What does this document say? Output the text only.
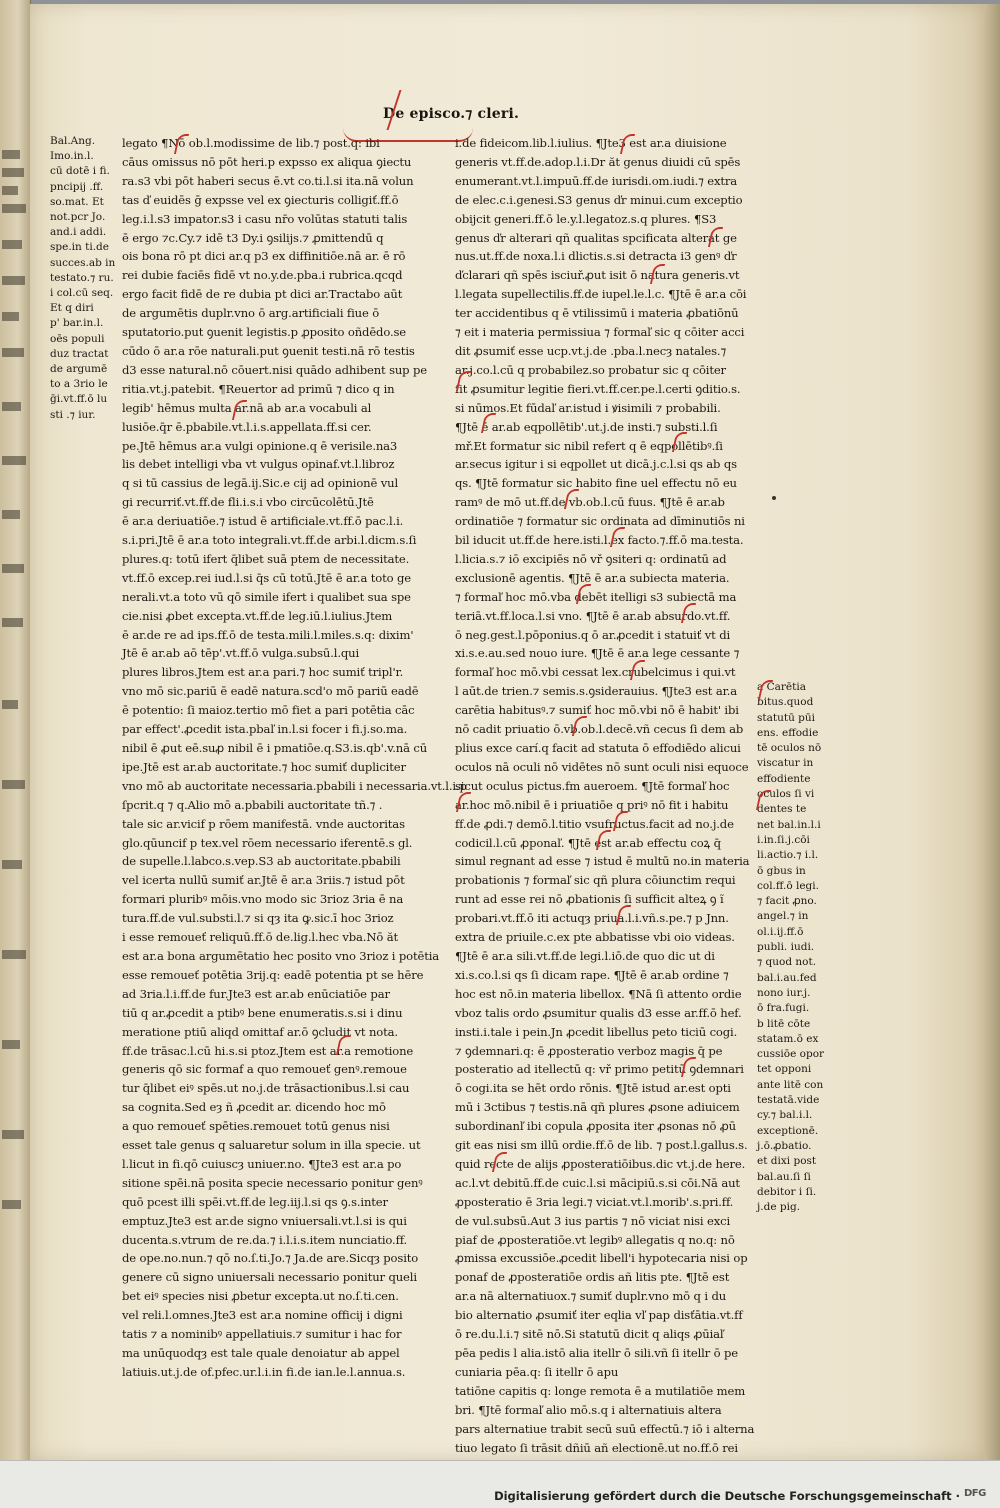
De episco.⁊ cleri.
Bal.Ang.
Imo.in.l.
cū dotē i fi.
pncipij .ff.
so.mat. Et
not.pcr Jo.
and.i addi.
spe.in ti.de
succes.ab in
testato.⁊ ru.
i col.cū seq.
Et q diri
p' bar.in.l.
oēs populi
duz tractat
de argumē
to a 3rio le
ḡi.vt.ff.ō lu
sti .⁊ iur.
legato ¶Nō ob.l.modissime de lib.⁊ post.q: ibi
cāus omissus nō pōt heri.p expsso ex aliqua ꝯiectu
ra.s3 vbi pōt haberi secus ē.vt co.ti.l.si ita.nā volun
tas ď euidēs ḡ expsse vel ex ꝯiecturis colligiť.ff.ō
leg.i.l.s3 impator.s3 i casu nr̄o volūtas statuti talis
ē ergo ⁊c.Cy.⁊ idē t3 Dy.i ꝯsilijs.⁊ ꝓmittendū q
ois bona rō pt dici ar.q p3 ex diffinitiōe.nā ar. ē rō
rei dubie faciēs fidē vt no.y.de.pba.i rubrica.qcqd
ergo facit fidē de re dubia pt dici ar.Tractabo aūt
de argumētis duplr.vno ō arg.artificiali fiue ō
sputatorio.put ꝯuenit legistis.p ꝓposito oñdēdo.se
cūdo ō ar.a rōe naturali.put ꝯuenit testi.nā rō testis
d3 esse natural.nō cōuert.nisi quādo adhibent sup pe
ritia.vt.j.patebit. ¶Reuertor ad primū ⁊ dico q in
legib' hēmus multa ar.nā ab ar.a vocabuli al
lusiōe.q̄r ē.pbabile.vt.l.i.s.appellata.ff.si cer.
pe.Jtē hēmus ar.a vulgi opinione.q ē verisile.na3
lis debet intelligi vba vt vulgus opinaf.vt.l.libroz
q si tū cassius de legā.ij.Sic.e cij ad opinionē vul
gi recurriť.vt.ff.de fli.i.s.i vbo circūcolētū.Jtē
ē ar.a deriuatiōe.⁊ istud ē artificiale.vt.ff.ō pac.l.i.
s.i.pri.Jtē ē ar.a toto integrali.vt.ff.de arbi.l.dicm.s.ſi
plures.q: totū ifert q̄libet suā ptem de necessitate.
vt.ff.ō excep.rei iud.l.si q̄s cū totū.Jtē ē ar.a toto ge
nerali.vt.a toto vū qō simile ifert i qualibet sua spe
cie.nisi ꝓbet excepta.vt.ff.de leg.iū.l.iulius.Jtem
ē ar.de re ad ips.ff.ō de testa.mili.l.miles.s.q: dixim'
Jtē ē ar.ab aō tēp'.vt.ff.ō vulga.subsū.l.qui
plures libros.Jtem est ar.a pari.⁊ hoc sumiť tripl'r.
vno mō sic.pariū ē eadē natura.scd'o mō pariū eadē
ē potentio: ſi maioz.tertio mō fiet a pari potētia cāc
par effect'.ꝓcedit ista.pbaľ in.l.si focer i fi.j.so.ma.
nibil ē ꝓut eē.suꝓ nibil ē i pmatiōe.q.S3.is.qb'.v.nā cū
ipe.Jtē est ar.ab auctoritate.⁊ hoc sumiť dupliciter
vno mō ab auctoritate necessaria.pbabili i necessaria.vt.l.i.p
ſpcrit.q ⁊ q.Alio mō a.pbabili auctoritate tñ.⁊ .
tale sic ar.vicif p rōem manifestā. vnde auctoritas
glo.qūuncif p tex.vel rōem necessario iferentē.s gl.
de supelle.l.labco.s.vep.S3 ab auctoritate.pbabili
vel icerta nullū sumiť ar.Jtē ē ar.a 3riis.⁊ istud pōt
formari pluribꝰ mōis.vno modo sic 3rioz 3ria ē na
tura.ff.de vul.substi.l.⁊ si qȝ ita ꝙ.sic.ī hoc 3rioz
i esse remoueť reliquū.ff.ō de.lig.l.hec vba.Nō ăt
est ar.a bona argumētatio hec posito vno 3rioz i potētia
esse remoueť potētia 3rij.q: eadē potentia pt se hēre
ad 3ria.l.i.ff.de fur.Jte3 est ar.ab enūciatiōe par
tiū q ar.ꝓcedit a ptibꝰ bene enumeratis.s.si i dinu
meratione ptiū aliqd omittaf ar.ō ꝯcludit vt nota.
ff.de trāsac.l.cū hi.s.si ptoz.Jtem est ar.a remotione
generis qō sic formaf a quo remoueť genꝰ.remoue
tur q̄libet eiꝰ spēs.ut no.j.de trāsactionibus.l.si cau
sa cognita.Sed eȝ ñ ꝓcedit ar. dicendo hoc mō
a quo remoueť spēties.remouet totū genus nisi
esset tale genus q saluaretur solum in illa specie. ut
l.licut in fi.qō cuiuscȝ uniuer.no. ¶Jte3 est ar.a po
sitione spēi.nā posita specie necessario ponitur genꝰ
quō pcest illi spēi.vt.ff.de leg.iij.l.si qs ꝯ.s.inter
emptuz.Jte3 est ar.de signo vniuersali.vt.l.si is qui
ducenta.s.vtrum de re.da.⁊ i.l.i.s.item nunciatio.ff.
de ope.no.nun.⁊ qō no.ſ.ti.Jo.⁊ Ja.de are.Sicqȝ posito
genere cū signo uniuersali necessario ponitur queli
bet eiꝰ species nisi ꝓbetur excepta.ut no.ſ.ti.cen.
vel reli.l.omnes.Jte3 est ar.a nomine officij i digni
tatis ⁊ a nominibꝰ appellatiuis.⁊ sumitur i hac for
ma unūquodqȝ est tale quale denoiatur ab appel
latiuis.ut.j.de of.pfec.ur.l.i.in fi.de ian.le.l.annua.s.
i.de fideicom.lib.l.iulius. ¶Jte3 est ar.a diuisione
generis vt.ff.de.adop.l.i.Dr ăt genus diuidi cū spēs
enumerant.vt.l.impuū.ff.de iurisdi.om.iudi.⁊ extra
de elec.c.i.genesi.S3 genus ďr minui.cum exceptio
obijcit generi.ff.ō le.y.l.legatoz.s.q plures. ¶S3
genus ďr alterari qñ qualitas spcificata alterat ge
nus.ut.ff.de noxa.l.i dlictis.s.si detracta i3 genꝰ ďr
ďclarari qñ spēs isciuř.ꝓut isit ō natura generis.vt
l.legata supellectilis.ff.de iupel.le.l.c. ¶Jtē ē ar.a cōi
ter accidentibus q ē vtilissimū i materia ꝓbatiōnū
⁊ eit i materia permissiua ⁊ formaľ sic q cōiter acci
dit ꝓsumiť esse ucp.vt.j.de .pba.l.necȝ natales.⁊
ar.j.co.l.cū q probabilez.so probatur sic q cōiter
fit ꝓsumitur legitie fieri.vt.ff.cer.pe.l.certi ꝯditio.s.
si nūmos.Et fūdaľ ar.istud i ꝟisimili ⁊ probabili.
¶Jtē ē ar.ab eqpollētib'.ut.j.de insti.⁊ substi.l.ſi
mř.Et formatur sic nibil refert q ē eqpollētibꝰ.ſi
ar.secus igitur i si eqpollet ut dicā.j.c.l.si qs ab qs
qs. ¶Jtē formatur sic habito fine uel effectu nō eu
ramꝰ de mō ut.ff.de vb.ob.l.cū fuus. ¶Jtē ē ar.ab
ordinatiōe ⁊ formatur sic ordinata ad dīminutiōs ni
bil iducit ut.ff.de here.isti.l.ex facto.⁊.ff.ō ma.testa.
l.licia.s.⁊ iō excipiēs nō vř ꝯsiteri q: ordinatū ad
exclusionē agentis. ¶Jtē ē ar.a subiecta materia.
⁊ formaľ hoc mō.vba debēt itelligi s3 subiectā ma
teriā.vt.ff.loca.l.si vno. ¶Jtē ē ar.ab absurdo.vt.ff.
ō neg.gest.l.pōponius.q ō ar.ꝓcedit i statuiť vt di
xi.s.e.au.sed nouo iure. ¶Jtē ē ar.a lege cessante ⁊
formaľ hoc mō.vbi cessat lex.crubelcimus i qui.vt
l aūt.de trien.⁊ semis.s.ꝯsiderauius. ¶Jte3 est ar.a
carētia habitusꝰ.⁊ sumiť hoc mō.vbi nō ē habit' ibi
nō cadit priuatio ō.vb.ob.l.decē.vñ cecus ſi dem ab
plius exce carí.q facit ad statuta ō effodiēdo alicui
oculos nā oculi nō vidētes nō sunt oculi nisi equoce
sicut oculus pictus.fm aueroem. ¶Jtē formaľ hoc
ar.hoc mō.nibil ē i priuatiōe q priꝰ nō fit i habitu
ff.de ꝓdi.⁊ demō.l.titio vsufructus.facit ad no.j.de
codicil.l.cū ꝓponaľ. ¶Jtē est ar.ab effectu coꝝ q̄
simul regnant ad esse ⁊ istud ē multū no.in materia
probationis ⁊ formaľ sic qñ plura cōiunctim requi
runt ad esse rei nō ꝓbationis ſi sufficit alteꝝ ꝯ ĩ
probari.vt.ff.ō iti actuqȝ priua.l.i.vñ.s.pe.⁊ p Jnn.
extra de priuile.c.ex pte abbatisse vbi oio videas.
¶Jtē ē ar.a sili.vt.ff.de legi.l.iō.de quo dic ut di
xi.s.co.l.si qs ſi dicam rape. ¶Jtē ē ar.ab ordine ⁊
hoc est nō.in materia libellox. ¶Nā ſi attento ordie
vboz talis ordo ꝓsumitur qualis d3 esse ar.ff.ō hef.
insti.i.tale i pein.Jn ꝓcedit libellus peto ticiū cogi.
⁊ ꝯdemnari.q: ē ꝓposteratio verboz magis q̄ pe
posteratio ad itellectū q: vř primo petitū ꝯdemnari
ō cogi.ita se hēt ordo rōnis. ¶Jtē istud ar.est opti
mū i 3ctibus ⁊ testis.nā qñ plures ꝓsone adiuicem
subordinanľ ibi copula ꝓposita iter ꝓsonas nō ꝓū
git eas nisi sm illū ordie.ff.ō de lib. ⁊ post.l.gallus.s.
quid recte de alijs ꝓposteratiōibus.dic vt.j.de here.
ac.l.vt debitū.ff.de cuic.l.si mācipiū.s.si cōi.Nā aut
ꝓposteratio ē 3ria legi.⁊ viciat.vt.l.morib'.s.pri.ff.
de vul.subsū.Aut 3 ius partis ⁊ nō viciat nisi exci
piaf de ꝓposteratiōe.vt legibꝰ allegatis q no.q: nō
ꝓmissa excussiōe.ꝓcedit libell'i hypotecaria nisi op
ponaf de ꝓposteratiōe ordis añ litis pte. ¶Jtē est
ar.a nā alternatiuox.⁊ sumiť duplr.vno mō q i du
bio alternatio ꝓsumiť iter eqlia vľ pap disťātia.vt.ff
ō re.du.l.i.⁊ sitē nō.Si statutū dicit q aliqs ꝓūiaľ
pēa pedis l alia.istō alia itellr ō sili.vñ ſi itellr ō pe
cuniaria pēa.q: ſi itellr ō apu
tatiōne capitis q: longe remota ē a mutilatiōe mem
bri. ¶Jtē formaľ alio mō.s.q i alternatiuis altera
pars alternatiue trabit secū suū effectū.⁊ iō i alterna
tiuo legato ſi trāsit dñiū añ electionē.ut no.ff.ō rei
a Carētia
bitus.quod
statutū pūi
ens. effodie
tē oculos nō
viscatur in
effodiente
oculos ſi vi
dentes te
net bal.in.l.i
i.in.ſi.j.cōi
li.actio.⁊ i.l.
ō gbus in
col.ff.ō legi.
⁊ facit ꝓno.
angel.⁊ in
ol.i.ij.ff.ō
publi. iudi.
⁊ quod not.
bal.i.au.fed
nono iur.j.
ō fra.fugi.
b litē cōte
statam.ō ex
cussiōe opor
tet opponi
ante litē con
testatā.vide
cy.⁊ bal.i.l.
exceptionē.
j.ō.ꝓbatio.
et dixi post
bal.au.ſi ſi
debitor i ſi.
j.de pig.
Digitalisierung gefördert durch die Deutsche Forschungsgemeinschaft · DFG
